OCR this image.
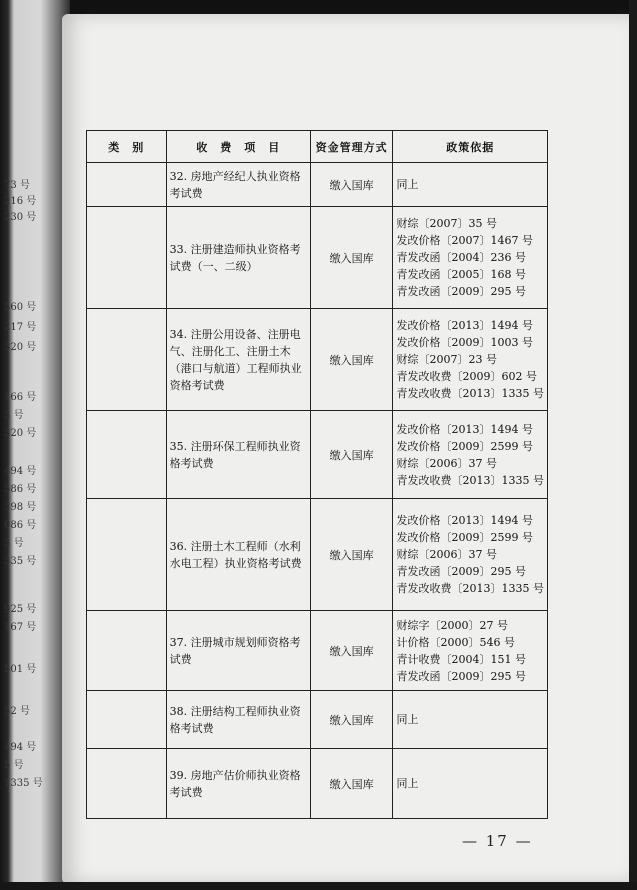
73 号
216 号
230 号
560 号
217 号
320 号
166 号
3 号
320 号
494 号
586 号
398 号
086 号
3 号
335 号
925 号
167 号
501 号
52 号
494 号
5 号
1335 号
类　别	收　费　项　目	资金管理方式	政策依据
	32. 房地产经纪人执业资格考试费	缴入国库	同上

	33. 注册建造师执业资格考试费（一、二级）	缴入国库	财综〔2007〕35 号
发改价格〔2007〕1467 号
青发改函〔2004〕236 号
青发改函〔2005〕168 号
青发改函〔2009〕295 号

	34. 注册公用设备、注册电气、注册化工、注册土木（港口与航道）工程师执业资格考试费	缴入国库	发改价格〔2013〕1494 号
发改价格〔2009〕1003 号
财综〔2007〕23 号
青发改收费〔2009〕602 号
青发改收费〔2013〕1335 号

	35. 注册环保工程师执业资格考试费	缴入国库	发改价格〔2013〕1494 号
发改价格〔2009〕2599 号
财综〔2006〕37 号
青发改收费〔2013〕1335 号

	36. 注册土木工程师（水利水电工程）执业资格考试费	缴入国库	发改价格〔2013〕1494 号
发改价格〔2009〕2599 号
财综〔2006〕37 号
青发改函〔2009〕295 号
青发改收费〔2013〕1335 号

	37. 注册城市规划师资格考试费	缴入国库	财综字〔2000〕27 号
计价格〔2000〕546 号
青计收费〔2004〕151 号
青发改函〔2009〕295 号

	38. 注册结构工程师执业资格考试费	缴入国库	同上

	39. 房地产估价师执业资格考试费	缴入国库	同上
— 17 —
